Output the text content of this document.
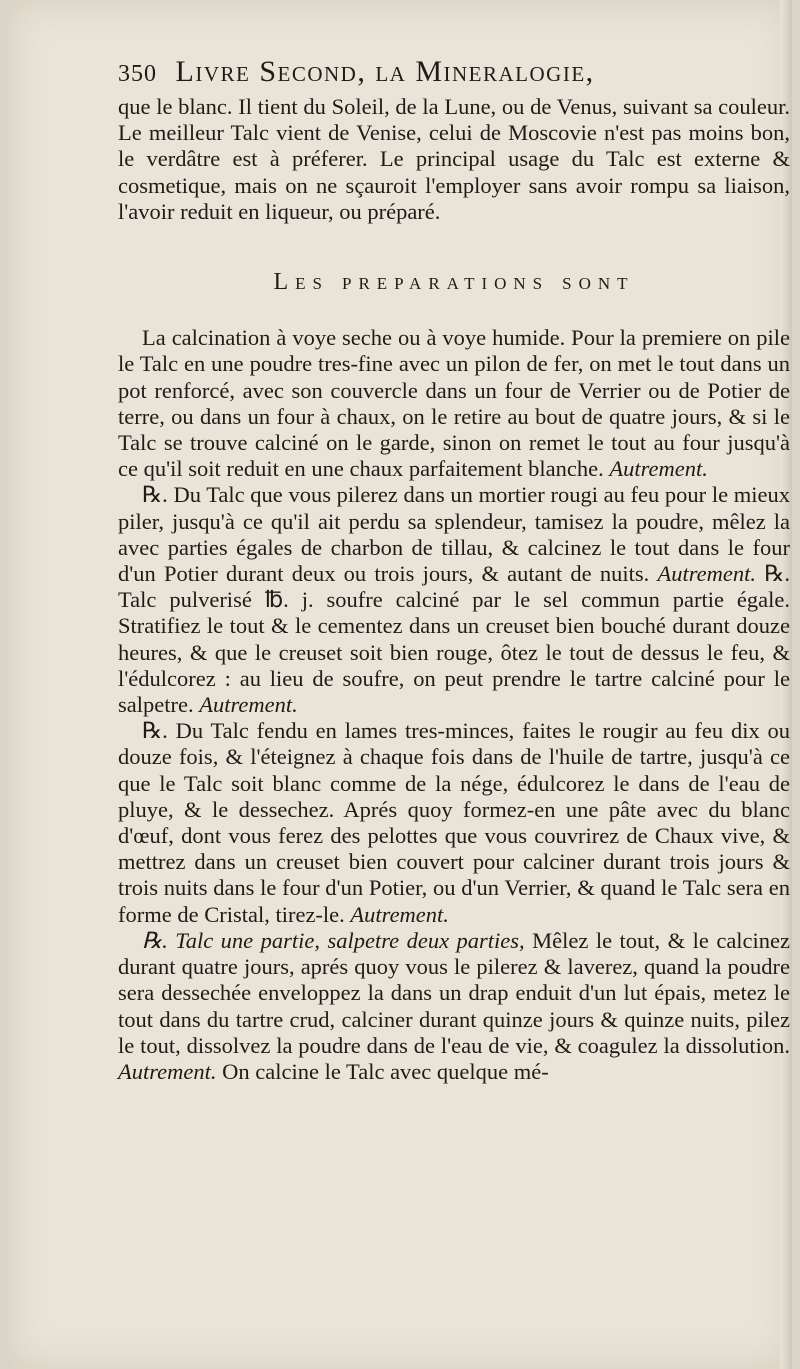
350 Livre Second, la Mineralogie,

que le blanc. Il tient du Soleil, de la Lune, ou de Venus, suivant sa couleur. Le meilleur Talc vient de Venise, celui de Moscovie n'est pas moins bon, le verdâtre est à préferer. Le principal usage du Talc est externe & cosmetique, mais on ne sçauroit l'employer sans avoir rompu sa liaison, l'avoir reduit en liqueur, ou préparé.

Les preparations sont

La calcination à voye seche ou à voye humide. Pour la premiere on pile le Talc en une poudre tres-fine avec un pilon de fer, on met le tout dans un pot renforcé, avec son couvercle dans un four de Verrier ou de Potier de terre, ou dans un four à chaux, on le retire au bout de quatre jours, & si le Talc se trouve calciné on le garde, sinon on remet le tout au four jusqu'à ce qu'il soit reduit en une chaux parfaitement blanche. Autrement.

℞. Du Talc que vous pilerez dans un mortier rougi au feu pour le mieux piler, jusqu'à ce qu'il ait perdu sa splendeur, tamisez la poudre, mêlez la avec parties égales de charbon de tillau, & calcinez le tout dans le four d'un Potier durant deux ou trois jours, & autant de nuits. Autrement. ℞. Talc pulverisé ℔. j. soufre calciné par le sel commun partie égale. Stratifiez le tout & le cementez dans un creuset bien bouché durant douze heures, & que le creuset soit bien rouge, ôtez le tout de dessus le feu, & l'édulcorez : au lieu de soufre, on peut prendre le tartre calciné pour le salpetre. Autrement.

℞. Du Talc fendu en lames tres-minces, faites le rougir au feu dix ou douze fois, & l'éteignez à chaque fois dans de l'huile de tartre, jusqu'à ce que le Talc soit blanc comme de la nége, édulcorez le dans de l'eau de pluye, & le dessechez. Aprés quoy formez-en une pâte avec du blanc d'œuf, dont vous ferez des pelottes que vous couvrirez de Chaux vive, & mettrez dans un creuset bien couvert pour calciner durant trois jours & trois nuits dans le four d'un Potier, ou d'un Verrier, & quand le Talc sera en forme de Cristal, tirez-le. Autrement.

℞. Talc une partie, salpetre deux parties, Mêlez le tout, & le calcinez durant quatre jours, aprés quoy vous le pilerez & laverez, quand la poudre sera dessechée enveloppez la dans un drap enduit d'un lut épais, metez le tout dans du tartre crud, calciner durant quinze jours & quinze nuits, pilez le tout, dissolvez la poudre dans de l'eau de vie, & coagulez la dissolution. Autrement. On calcine le Talc avec quelque mé-
